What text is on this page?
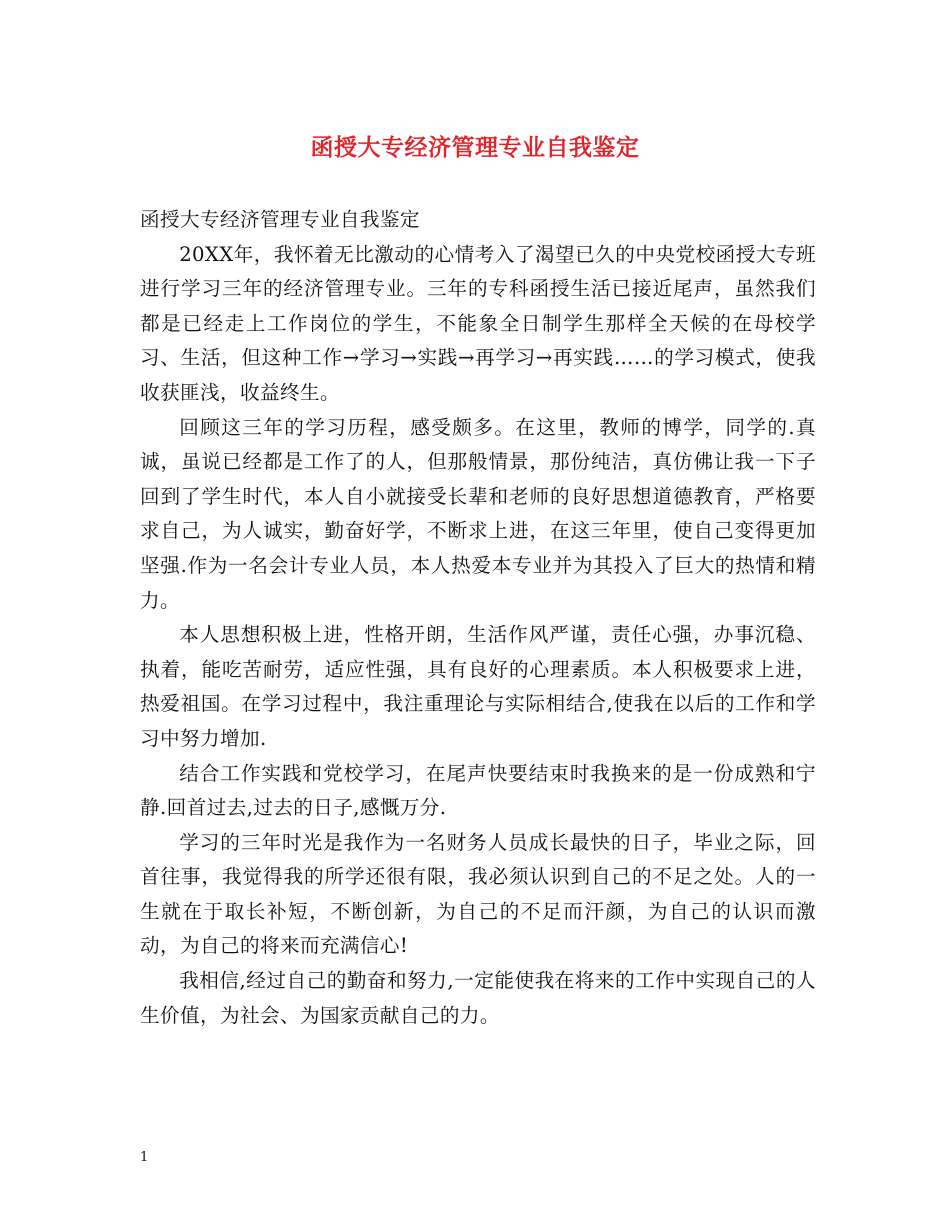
函授大专经济管理专业自我鉴定

函授大专经济管理专业自我鉴定

20XX年，我怀着无比激动的心情考入了渴望已久的中央党校函授大专班进行学习三年的经济管理专业。三年的专科函授生活已接近尾声，虽然我们都是已经走上工作岗位的学生，不能象全日制学生那样全天候的在母校学习、生活，但这种工作→学习→实践→再学习→再实践……的学习模式，使我收获匪浅，收益终生。

回顾这三年的学习历程，感受颇多。在这里，教师的博学，同学的.真诚，虽说已经都是工作了的人，但那般情景，那份纯洁，真仿佛让我一下子回到了学生时代，本人自小就接受长辈和老师的良好思想道德教育，严格要求自己，为人诚实，勤奋好学，不断求上进，在这三年里，使自己变得更加坚强.作为一名会计专业人员，本人热爱本专业并为其投入了巨大的热情和精力。

本人思想积极上进，性格开朗，生活作风严谨，责任心强，办事沉稳、执着，能吃苦耐劳，适应性强，具有良好的心理素质。本人积极要求上进，热爱祖国。在学习过程中，我注重理论与实际相结合,使我在以后的工作和学习中努力增加.

结合工作实践和党校学习，在尾声快要结束时我换来的是一份成熟和宁静.回首过去,过去的日子,感慨万分.

学习的三年时光是我作为一名财务人员成长最快的日子，毕业之际，回首往事，我觉得我的所学还很有限，我必须认识到自己的不足之处。人的一生就在于取长补短，不断创新，为自己的不足而汗颜，为自己的认识而激动，为自己的将来而充满信心!

我相信,经过自己的勤奋和努力,一定能使我在将来的工作中实现自己的人生价值，为社会、为国家贡献自己的力。

1
